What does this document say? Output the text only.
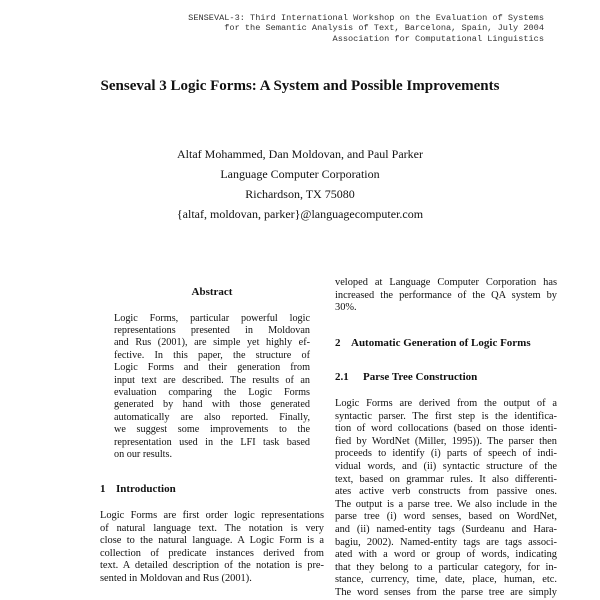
SENSEVAL-3: Third International Workshop on the Evaluation of Systems
for the Semantic Analysis of Text, Barcelona, Spain, July 2004
Association for Computational Linguistics
Senseval 3 Logic Forms: A System and Possible Improvements
Altaf Mohammed, Dan Moldovan, and Paul Parker
Language Computer Corporation
Richardson, TX 75080
{altaf, moldovan, parker}@languagecomputer.com
Abstract
Logic Forms, particular powerful logic
representations presented in Moldovan
and Rus (2001), are simple yet highly ef-
fective. In this paper, the structure of
Logic Forms and their generation from
input text are described. The results of an
evaluation comparing the Logic Forms
generated by hand with those generated
automatically are also reported. Finally,
we suggest some improvements to the
representation used in the LFI task based
on our results.
1 Introduction
Logic Forms are first order logic representations
of natural language text. The notation is very
close to the natural language. A Logic Form is a
collection of predicate instances derived from
text. A detailed description of the notation is pre-
sented in Moldovan and Rus (2001).
veloped at Language Computer Corporation has
increased the performance of the QA system by
30%.
2 Automatic Generation of Logic Forms
2.1 Parse Tree Construction
Logic Forms are derived from the output of a
syntactic parser. The first step is the identifica-
tion of word collocations (based on those identi-
fied by WordNet (Miller, 1995)). The parser then
proceeds to identify (i) parts of speech of indi-
vidual words, and (ii) syntactic structure of the
text, based on grammar rules. It also differenti-
ates active verb constructs from passive ones.
The output is a parse tree. We also include in the
parse tree (i) word senses, based on WordNet,
and (ii) named-entity tags (Surdeanu and Hara-
bagiu, 2002). Named-entity tags are tags associ-
ated with a word or group of words, indicating
that they belong to a particular category, for in-
stance, currency, time, date, place, human, etc.
The word senses from the parse tree are simply
